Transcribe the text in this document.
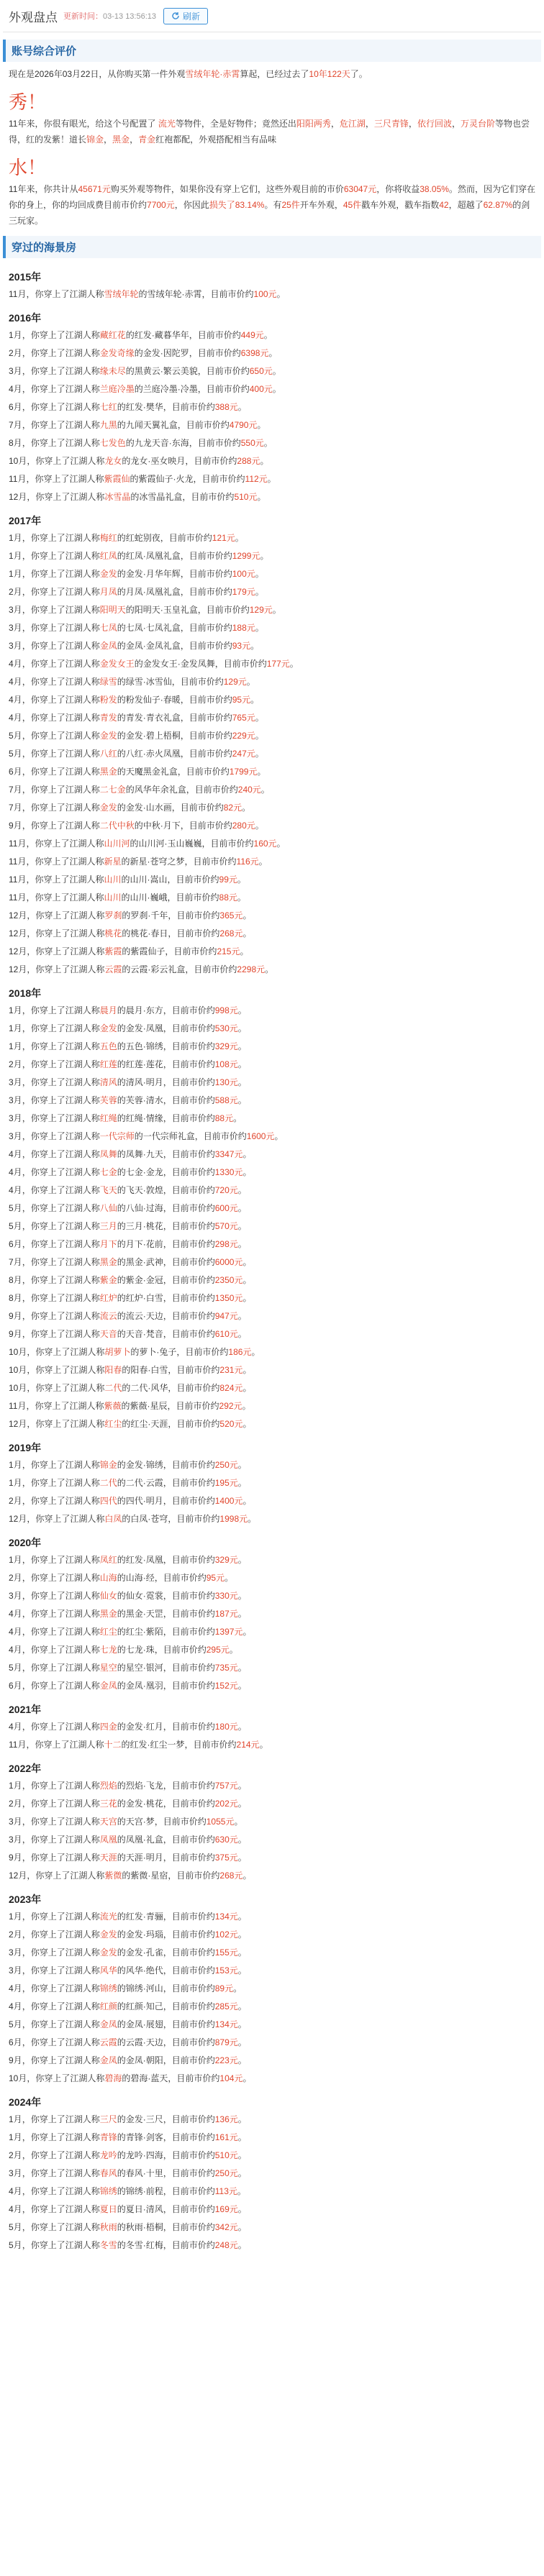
外观盘点 更新时间：03-13 13:56:13	刷新
账号综合评价
现在是2026年03月22日，从你购买第一件外观雪绒年轮·赤霄算起，已经过去了10年122天了。
秀！
11年来，你很有眼光，给这个号配置了 流光等物件，全是好物件；竟然还出阳阳两秀，危江湖，三尺青锋，依行回波，万灵台阶等物也尝得，红的发紫！道长锦金，黑金，青金红袍都配，外观搭配相当有品味
水！
11年来，你共计从45671元购买外观等物件，如果你没有穿上它们，这些外观目前的市价63047元，你将收益38.05%。然而，因为它们穿在你的身上，你的均回成费目前市价约7700元，你因此损失了83.14%。有25件开车外观，45件戳车外观，戳车指数42，超越了62.87%的剑三玩家。
穿过的海景房
2015年
11月，你穿上了江湖人称雪绒年轮的雪绒年轮·赤霄，目前市价约100元。
2016年
1月，你穿上了江湖人称藏红花的红发·藏暮华年，目前市价约449元。
2月，你穿上了江湖人称金发奇缘的金发·因陀罗，目前市价约6398元。
3月，你穿上了江湖人称缘未尽的黑黄云·繁云美貌，目前市价约650元。
4月，你穿上了江湖人称兰庭冷墨的兰庭冷墨·冷墨，目前市价约400元。
6月，你穿上了江湖人称七红的红发·樊华，目前市价约388元。
7月，你穿上了江湖人称九黑的九闻天翼礼盒，目前市价约4790元。
8月，你穿上了江湖人称七发色的九龙天音·东海，目前市价约550元。
10月，你穿上了江湖人称龙女的龙女·巫女映月，目前市价约288元。
11月，你穿上了江湖人称紫霞仙的紫霞仙子·火龙，目前市价约112元。
12月，你穿上了江湖人称冰雪晶的冰雪晶礼盒，目前市价约510元。
2017年
1月，你穿上了江湖人称梅红的红蛇别夜，目前市价约121元。
1月，你穿上了江湖人称红凤的红凤·凤凰礼盒，目前市价约1299元。
1月，你穿上了江湖人称金发的金发·月华年辉，目前市价约100元。
2月，你穿上了江湖人称月凤的月凤·凤凰礼盒，目前市价约179元。
3月，你穿上了江湖人称阳明天的阳明天·玉皇礼盒，目前市价约129元。
3月，你穿上了江湖人称七凤的七凤·七凤礼盒，目前市价约188元。
3月，你穿上了江湖人称金凤的金凤·金凤礼盒，目前市价约93元。
4月，你穿上了江湖人称金发女王的金发女王·金发凤舞，目前市价约177元。
4月，你穿上了江湖人称绿雪的绿雪·冰雪仙，目前市价约129元。
4月，你穿上了江湖人称粉发的粉发仙子·春暖，目前市价约95元。
4月，你穿上了江湖人称青发的青发·青衣礼盒，目前市价约765元。
5月，你穿上了江湖人称金发的金发·碧上梧桐，目前市价约229元。
5月，你穿上了江湖人称八红的八红·赤火凤凰，目前市价约247元。
6月，你穿上了江湖人称黑金的天魔黑金礼盒，目前市价约1799元。
7月，你穿上了江湖人称二七金的风华年余礼盒，目前市价约240元。
7月，你穿上了江湖人称金发的金发·山水画，目前市价约82元。
9月，你穿上了江湖人称二代中秋的中秋·月下，目前市价约280元。
11月，你穿上了江湖人称山川河的山川河·玉山巍巍，目前市价约160元。
11月，你穿上了江湖人称新星的新星·苍穹之梦，目前市价约116元。
11月，你穿上了江湖人称山川的山川·嵩山，目前市价约99元。
11月，你穿上了江湖人称山川的山川·巍峨，目前市价约88元。
12月，你穿上了江湖人称罗刹的罗刹·千年，目前市价约365元。
12月，你穿上了江湖人称桃花的桃花·春日，目前市价约268元。
12月，你穿上了江湖人称紫霞的紫霞仙子，目前市价约215元。
12月，你穿上了江湖人称云霞的云霞·彩云礼盒，目前市价约2298元。
2018年
1月，你穿上了江湖人称晨月的晨月·东方，目前市价约998元。
1月，你穿上了江湖人称金发的金发·凤凰，目前市价约530元。
1月，你穿上了江湖人称五色的五色·锦绣，目前市价约329元。
2月，你穿上了江湖人称红莲的红莲·莲花，目前市价约108元。
3月，你穿上了江湖人称清风的清风·明月，目前市价约130元。
3月，你穿上了江湖人称芙蓉的芙蓉·清水，目前市价约588元。
3月，你穿上了江湖人称红绳的红绳·情缘，目前市价约88元。
3月，你穿上了江湖人称一代宗师的一代宗师礼盒，目前市价约1600元。
4月，你穿上了江湖人称凤舞的凤舞·九天，目前市价约3347元。
4月，你穿上了江湖人称七金的七金·金龙，目前市价约1330元。
4月，你穿上了江湖人称飞天的飞天·敦煌，目前市价约720元。
5月，你穿上了江湖人称八仙的八仙·过海，目前市价约600元。
5月，你穿上了江湖人称三月的三月·桃花，目前市价约570元。
6月，你穿上了江湖人称月下的月下·花前，目前市价约298元。
7月，你穿上了江湖人称黑金的黑金·武神，目前市价约6000元。
8月，你穿上了江湖人称紫金的紫金·金冠，目前市价约2350元。
8月，你穿上了江湖人称红炉的红炉·白雪，目前市价约1350元。
9月，你穿上了江湖人称流云的流云·天边，目前市价约947元。
9月，你穿上了江湖人称天音的天音·梵音，目前市价约610元。
10月，你穿上了江湖人称胡萝卜的萝卜·兔子，目前市价约186元。
10月，你穿上了江湖人称阳春的阳春·白雪，目前市价约231元。
10月，你穿上了江湖人称二代的二代·风华，目前市价约824元。
11月，你穿上了江湖人称紫薇的紫薇·星辰，目前市价约292元。
12月，你穿上了江湖人称红尘的红尘·天涯，目前市价约520元。
2019年
1月，你穿上了江湖人称锦金的金发·锦绣，目前市价约250元。
1月，你穿上了江湖人称二代的二代·云霞，目前市价约195元。
2月，你穿上了江湖人称四代的四代·明月，目前市价约1400元。
12月，你穿上了江湖人称白凤的白凤·苍穹，目前市价约1998元。
2020年
1月，你穿上了江湖人称凤红的红发·凤凰，目前市价约329元。
2月，你穿上了江湖人称山海的山海·经，目前市价约95元。
3月，你穿上了江湖人称仙女的仙女·霓裳，目前市价约330元。
4月，你穿上了江湖人称黑金的黑金·天罡，目前市价约187元。
4月，你穿上了江湖人称红尘的红尘·紫陌，目前市价约1397元。
4月，你穿上了江湖人称七龙的七龙·珠，目前市价约295元。
5月，你穿上了江湖人称星空的星空·银河，目前市价约735元。
6月，你穿上了江湖人称金凤的金凤·凰羽，目前市价约152元。
2021年
4月，你穿上了江湖人称四金的金发·红月，目前市价约180元。
11月，你穿上了江湖人称十二的红发·红尘一梦，目前市价约214元。
2022年
1月，你穿上了江湖人称烈焰的烈焰·飞龙，目前市价约757元。
2月，你穿上了江湖人称三花的金发·桃花，目前市价约202元。
3月，你穿上了江湖人称天宫的天宫·梦，目前市价约1055元。
3月，你穿上了江湖人称凤凰的凤凰·礼盒，目前市价约630元。
9月，你穿上了江湖人称天涯的天涯·明月，目前市价约375元。
12月，你穿上了江湖人称紫微的紫微·星宿，目前市价约268元。
2023年
1月，你穿上了江湖人称流光的红发·青骊，目前市价约134元。
2月，你穿上了江湖人称金发的金发·玛瑙，目前市价约102元。
3月，你穿上了江湖人称金发的金发·孔雀，目前市价约155元。
3月，你穿上了江湖人称风华的风华·绝代，目前市价约153元。
4月，你穿上了江湖人称锦绣的锦绣·河山，目前市价约89元。
4月，你穿上了江湖人称红颜的红颜·知己，目前市价约285元。
5月，你穿上了江湖人称金凤的金凤·展翅，目前市价约134元。
6月，你穿上了江湖人称云霞的云霞·天边，目前市价约879元。
9月，你穿上了江湖人称金凤的金凤·朝阳，目前市价约223元。
10月，你穿上了江湖人称碧海的碧海·蓝天，目前市价约104元。
2024年
1月，你穿上了江湖人称三尺的金发·三尺，目前市价约136元。
1月，你穿上了江湖人称青锋的青锋·剑客，目前市价约161元。
2月，你穿上了江湖人称龙吟的龙吟·四海，目前市价约510元。
3月，你穿上了江湖人称春风的春风·十里，目前市价约250元。
4月，你穿上了江湖人称锦绣的锦绣·前程，目前市价约113元。
4月，你穿上了江湖人称夏日的夏日·清风，目前市价约169元。
5月，你穿上了江湖人称秋雨的秋雨·梧桐，目前市价约342元。
5月，你穿上了江湖人称冬雪的冬雪·红梅，目前市价约248元。
